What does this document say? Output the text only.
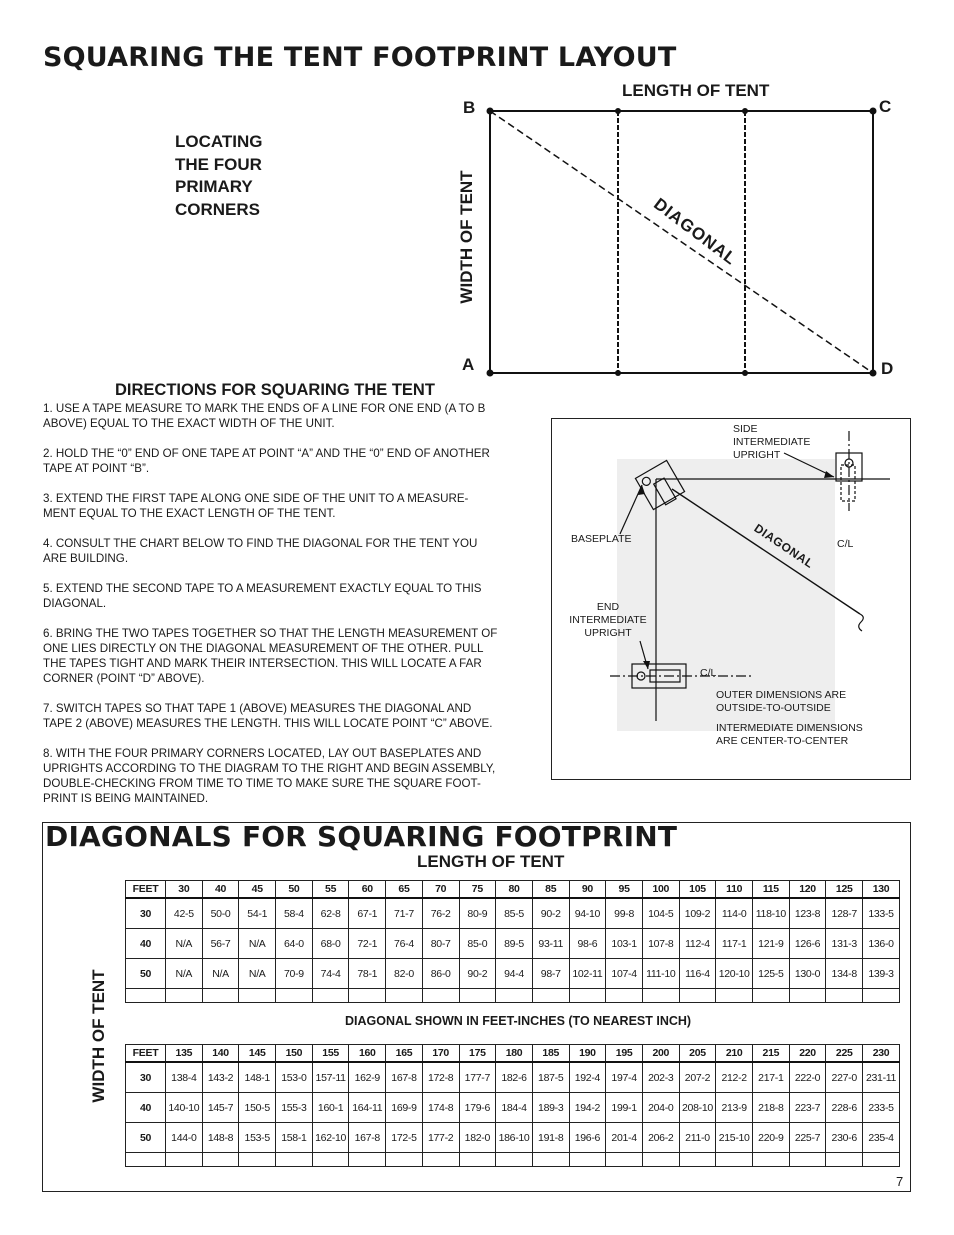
SQUARING THE TENT FOOTPRINT LAYOUT
LENGTH OF TENT
B	C
A	D
LOCATING
THE FOUR
PRIMARY
CORNERS	WIDTH OF TENT	DIAGONAL
DIRECTIONS FOR SQUARING THE TENT

1. USE A TAPE MEASURE TO MARK THE ENDS OF A LINE FOR ONE END (A TO B
ABOVE) EQUAL TO THE EXACT WIDTH OF THE UNIT.

2. HOLD THE “0” END OF ONE TAPE AT POINT “A” AND THE “0” END OF ANOTHER
TAPE AT POINT “B”.

3. EXTEND THE FIRST TAPE ALONG ONE SIDE OF THE UNIT TO A MEASURE-
MENT EQUAL TO THE EXACT LENGTH OF THE TENT.

4. CONSULT THE CHART BELOW TO FIND THE DIAGONAL FOR THE TENT YOU
ARE BUILDING.

5. EXTEND THE SECOND TAPE TO A MEASUREMENT EXACTLY EQUAL TO THIS
DIAGONAL.

6. BRING THE TWO TAPES TOGETHER SO THAT THE LENGTH MEASUREMENT OF
ONE LIES DIRECTLY ON THE DIAGONAL MEASUREMENT OF THE OTHER. PULL
THE TAPES TIGHT AND MARK THEIR INTERSECTION. THIS WILL LOCATE A FAR
CORNER (POINT “D” ABOVE).

7. SWITCH TAPES SO THAT TAPE 1 (ABOVE) MEASURES THE DIAGONAL AND
TAPE 2 (ABOVE) MEASURES THE LENGTH. THIS WILL LOCATE POINT “C” ABOVE.

8. WITH THE FOUR PRIMARY CORNERS LOCATED, LAY OUT BASEPLATES AND
UPRIGHTS ACCORDING TO THE DIAGRAM TO THE RIGHT AND BEGIN ASSEMBLY,
DOUBLE-CHECKING FROM TIME TO TIME TO MAKE SURE THE SQUARE FOOT-
PRINT IS BEING MAINTAINED.

SIDE
INTERMEDIATE
UPRIGHT
BASEPLATE	DIAGONAL C/L
END
INTERMEDIATE
UPRIGHT
C/L
OUTER DIMENSIONS ARE
OUTSIDE-TO-OUTSIDE
INTERMEDIATE DIMENSIONS
ARE CENTER-TO-CENTER
DIAGONALS FOR SQUARING FOOTPRINT
LENGTH OF TENT
WIDTH OF TENT	DIAGONAL SHOWN IN FEET-INCHES (TO NEAREST INCH)
7
FEET	30	40	45	50	55	60	65	70	75	80	85	90	95	100	105	110	115	120	125	130
30	42-5	50-0	54-1	58-4	62-8	67-1	71-7	76-2	80-9	85-5	90-2	94-10	99-8	104-5	109-2	114-0	118-10	123-8	128-7	133-5
40	N/A	56-7	N/A	64-0	68-0	72-1	76-4	80-7	85-0	89-5	93-11	98-6	103-1	107-8	112-4	117-1	121-9	126-6	131-3	136-0
50	N/A	N/A	N/A	70-9	74-4	78-1	82-0	86-0	90-2	94-4	98-7	102-11	107-4	111-10	116-4	120-10	125-5	130-0	134-8	139-3

FEET	135	140	145	150	155	160	165	170	175	180	185	190	195	200	205	210	215	220	225	230
30	138-4	143-2	148-1	153-0	157-11	162-9	167-8	172-8	177-7	182-6	187-5	192-4	197-4	202-3	207-2	212-2	217-1	222-0	227-0	231-11
40	140-10	145-7	150-5	155-3	160-1	164-11	169-9	174-8	179-6	184-4	189-3	194-2	199-1	204-0	208-10	213-9	218-8	223-7	228-6	233-5
50	144-0	148-8	153-5	158-1	162-10	167-8	172-5	177-2	182-0	186-10	191-8	196-6	201-4	206-2	211-0	215-10	220-9	225-7	230-6	235-4
